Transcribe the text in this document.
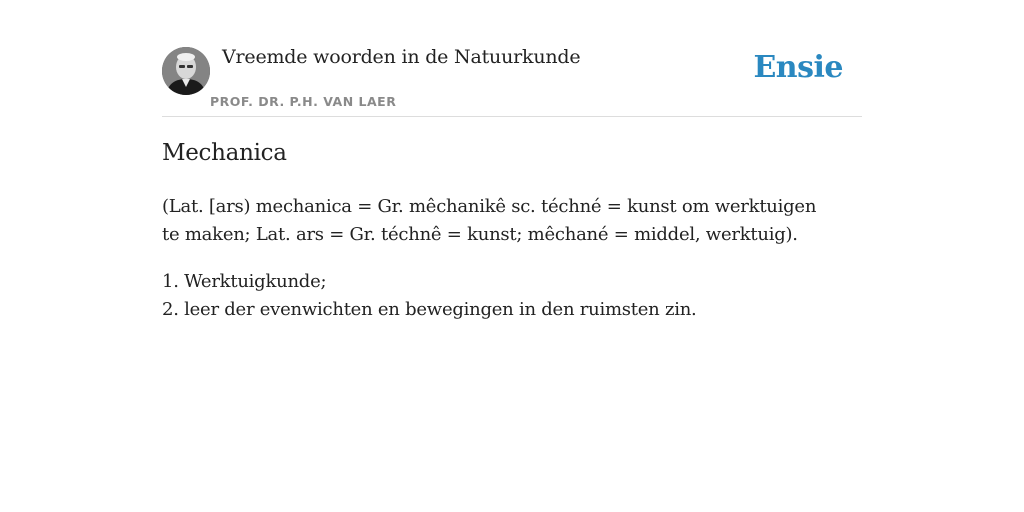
Vreemde woorden in de Natuurkunde
PROF. DR. P.H. VAN LAER
Ensie
Mechanica

(Lat. [ars) mechanica = Gr. mêchanikê sc. téchné = kunst om werktuigen te maken; Lat. ars = Gr. téchnê = kunst; mêchané = middel, werktuig).

1. Werktuigkunde;
2. leer der evenwichten en bewegingen in den ruimsten zin.
